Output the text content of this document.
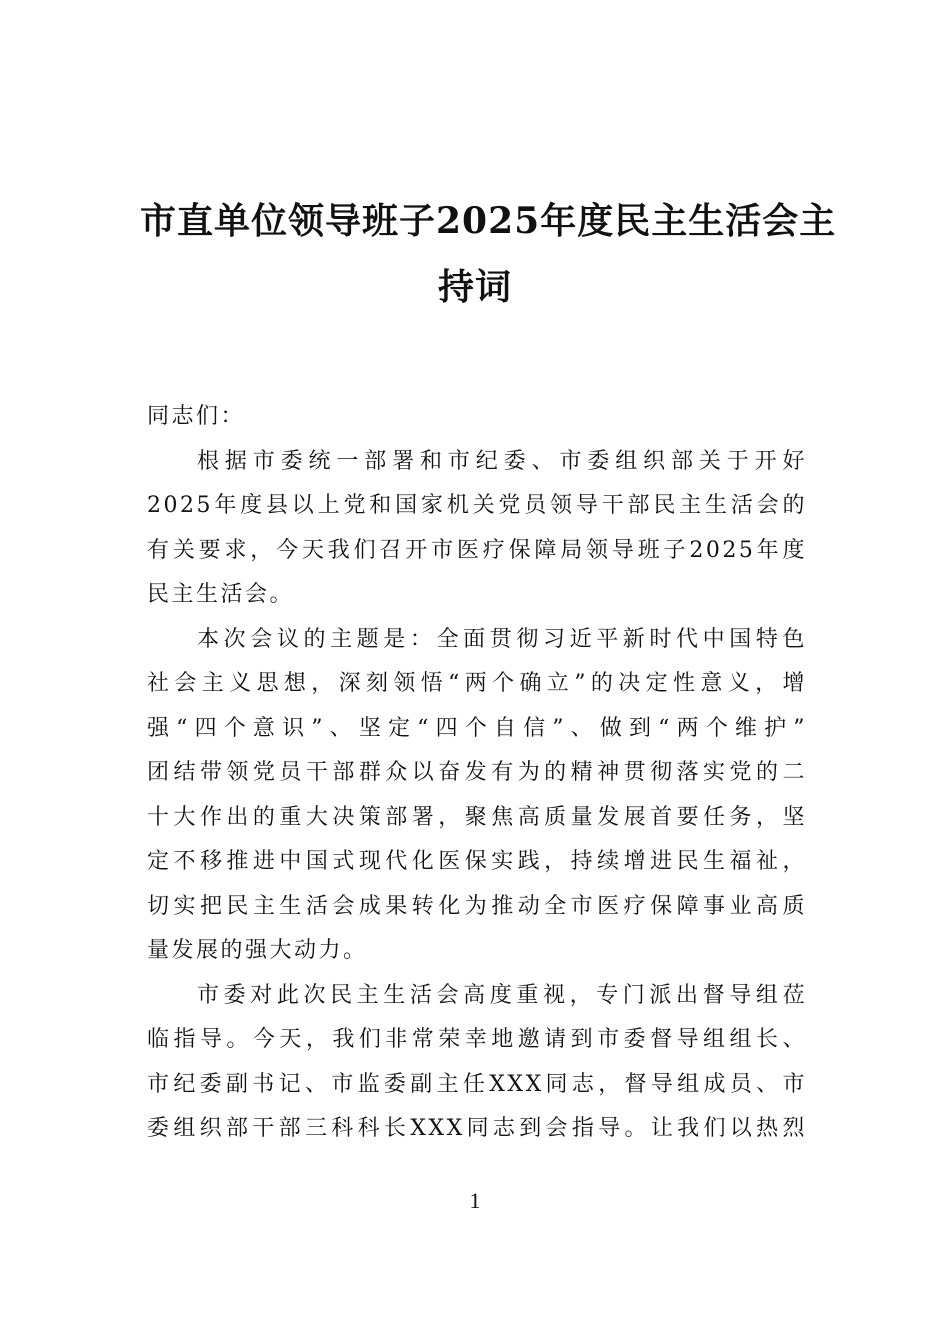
市直单位领导班子2025年度民主生活会主
持词
同志们：
根据市委统一部署和市纪委、市委组织部关于开好
2025年度县以上党和国家机关党员领导干部民主生活会的
有关要求，今天我们召开市医疗保障局领导班子2025年度
民主生活会。
本次会议的主题是：全面贯彻习近平新时代中国特色
社会主义思想，深刻领悟“两个确立”的决定性意义，增
强“四个意识”、坚定“四个自信”、做到“两个维护”
团结带领党员干部群众以奋发有为的精神贯彻落实党的二
十大作出的重大决策部署，聚焦高质量发展首要任务，坚
定不移推进中国式现代化医保实践，持续增进民生福祉，
切实把民主生活会成果转化为推动全市医疗保障事业高质
量发展的强大动力。
市委对此次民主生活会高度重视，专门派出督导组莅
临指导。今天，我们非常荣幸地邀请到市委督导组组长、
市纪委副书记、市监委副主任XXX同志，督导组成员、市
委组织部干部三科科长XXX同志到会指导。让我们以热烈
1
